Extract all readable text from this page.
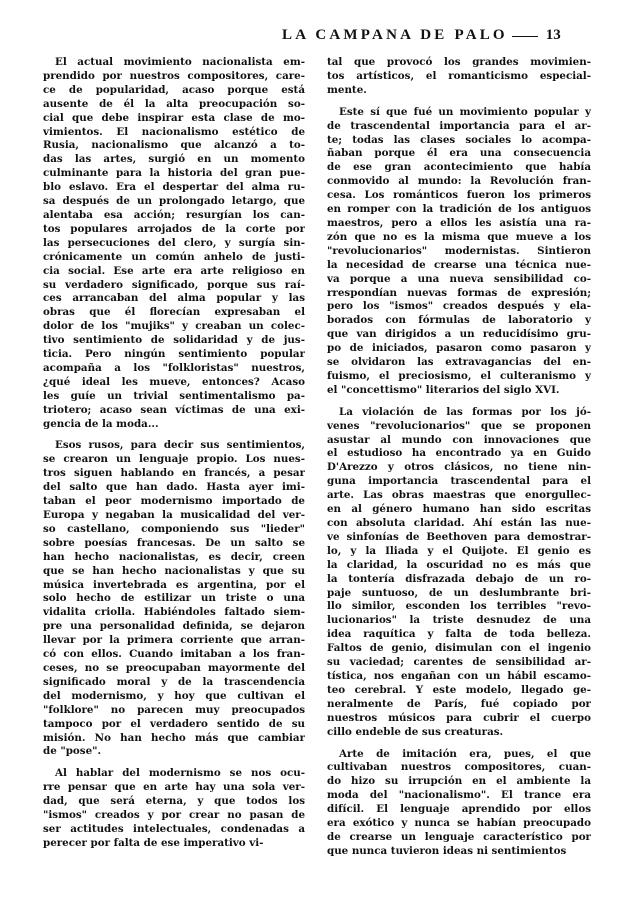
LA CAMPANA DE PALO	13
El actual movimiento nacionalista em-
prendido por nuestros compositores, care-
ce de popularidad, acaso porque está
ausente de él la alta preocupación so-
cial que debe inspirar esta clase de mo-
vimientos. El nacionalismo estético de
Rusia, nacionalismo que alcanzó a to-
das las artes, surgió en un momento
culminante para la historia del gran pue-
blo eslavo. Era el despertar del alma ru-
sa después de un prolongado letargo, que
alentaba esa acción; resurgían los can-
tos populares arrojados de la corte por
las persecuciones del clero, y surgía sin-
crónicamente un común anhelo de justi-
cia social. Ese arte era arte religioso en
su verdadero significado, porque sus raí-
ces arrancaban del alma popular y las
obras que él florecían expresaban el
dolor de los "mujiks" y creaban un colec-
tivo sentimiento de solidaridad y de jus-
ticia. Pero ningún sentimiento popular
acompaña a los "folkloristas" nuestros,
¿qué ideal les mueve, entonces? Acaso
les guíe un trivial sentimentalismo pa-
triotero; acaso sean víctimas de una exi-
gencia de la moda...
Esos rusos, para decir sus sentimientos,
se crearon un lenguaje propio. Los nues-
tros siguen hablando en francés, a pesar
del salto que han dado. Hasta ayer imi-
taban el peor modernismo importado de
Europa y negaban la musicalidad del ver-
so castellano, componiendo sus "lieder"
sobre poesías francesas. De un salto se
han hecho nacionalistas, es decir, creen
que se han hecho nacionalistas y que su
música invertebrada es argentina, por el
solo hecho de estilizar un triste o una
vidalita criolla. Habiéndoles faltado siem-
pre una personalidad definida, se dejaron
llevar por la primera corriente que arran-
có con ellos. Cuando imitaban a los fran-
ceses, no se preocupaban mayormente del
significado moral y de la trascendencia
del modernismo, y hoy que cultivan el
"folklore" no parecen muy preocupados
tampoco por el verdadero sentido de su
misión. No han hecho más que cambiar
de "pose".
Al hablar del modernismo se nos ocu-
rre pensar que en arte hay una sola ver-
dad, que será eterna, y que todos los
"ismos" creados y por crear no pasan de
ser actitudes intelectuales, condenadas a
perecer por falta de ese imperativo vi-
tal que provocó los grandes movimien-
tos artísticos, el romanticismo especial-
mente.
Este sí que fué un movimiento popular y
de trascendental importancia para el ar-
te; todas las clases sociales lo acompa-
ñaban porque él era una consecuencia
de ese gran acontecimiento que había
conmovido al mundo: la Revolución fran-
cesa. Los románticos fueron los primeros
en romper con la tradición de los antiguos
maestros, pero a ellos les asistía una ra-
zón que no es la misma que mueve a los
"revolucionarios" modernistas. Sintieron
la necesidad de crearse una técnica nue-
va porque a una nueva sensibilidad co-
rrespondían nuevas formas de expresión;
pero los "ismos" creados después y ela-
borados con fórmulas de laboratorio y
que van dirigidos a un reducidísimo gru-
po de iniciados, pasaron como pasaron y
se olvidaron las extravagancias del en-
fuismo, el preciosismo, el culteranismo y
el "concettismo" literarios del siglo XVI.
La violación de las formas por los jó-
venes "revolucionarios" que se proponen
asustar al mundo con innovaciones que
el estudioso ha encontrado ya en Guido
D'Arezzo y otros clásicos, no tiene nin-
guna importancia trascendental para el
arte. Las obras maestras que enorgullec-
en al género humano han sido escritas
con absoluta claridad. Ahí están las nue-
ve sinfonías de Beethoven para demostrar-
lo, y la Iliada y el Quijote. El genio es
la claridad, la oscuridad no es más que
la tontería disfrazada debajo de un ro-
paje suntuoso, de un deslumbrante bri-
llo similor, esconden los terribles "revo-
lucionarios" la triste desnudez de una
idea raquítica y falta de toda belleza.
Faltos de genio, disimulan con el ingenio
su vaciedad; carentes de sensibilidad ar-
tística, nos engañan con un hábil escamo-
teo cerebral. Y este modelo, llegado ge-
neralmente de París, fué copiado por
nuestros músicos para cubrir el cuerpo
cillo endeble de sus creaturas.
Arte de imitación era, pues, el que
cultivaban nuestros compositores, cuan-
do hizo su irrupción en el ambiente la
moda del "nacionalismo". El trance era
difícil. El lenguaje aprendido por ellos
era exótico y nunca se habían preocupado
de crearse un lenguaje característico por
que nunca tuvieron ideas ni sentimientos
